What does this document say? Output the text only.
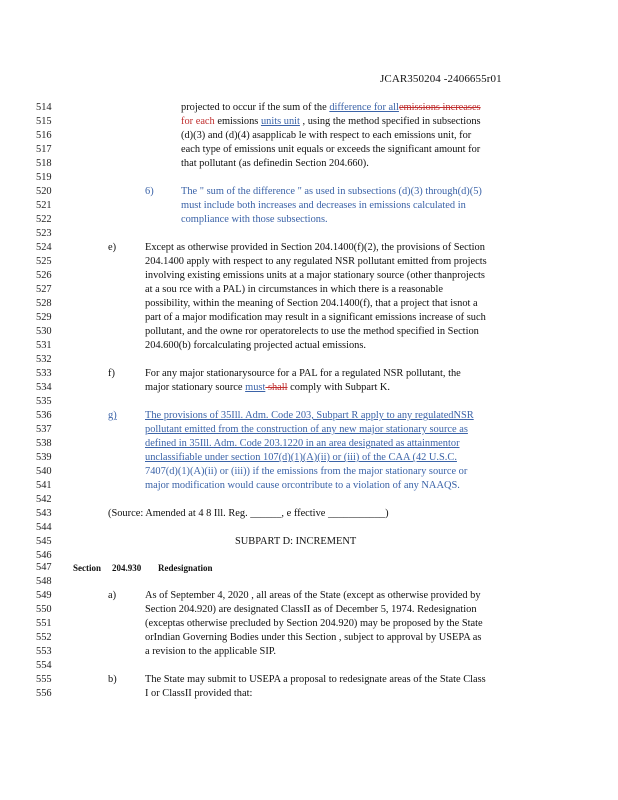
JCAR350204 -2406655r01
514	projected to occur if the sum of the difference for allemissions increases
515	for each emissions units unit , using the method specified in subsections
516	(d)(3) and (d)(4) asapplicab le with respect to each emissions unit, for
517	each type of emissions unit equals or exceeds the significant amount for
518	that pollutant (as definedin Section 204.660).
519
520	6)	The " sum of the difference " as used in subsections (d)(3) through(d)(5)
521	must include both increases and decreases in emissions calculated in
522	compliance with those subsections.
523
524	e)	Except as otherwise provided in Section 204.1400(f)(2), the provisions of Section
525	204.1400 apply with respect to any regulated NSR pollutant emitted from projects
526	involving existing emissions units at a major stationary source (other thanprojects
527	at a sou rce with a PAL) in circumstances in which there is a reasonable
528	possibility, within the meaning of Section 204.1400(f), that a project that isnot a
529	part of a major modification may result in a significant emissions increase of such
530	pollutant, and the owne ror operatorelects to use the method specified in Section
531	204.600(b) forcalculating projected actual emissions.
532
533	f)	For any major stationarysource for a PAL for a regulated NSR pollutant, the
534	major stationary source must shall comply with Subpart K.
535
536	g)	The provisions of 35Ill. Adm. Code 203, Subpart R apply to any regulatedNSR
537	pollutant emitted from the construction of any new major stationary source as
538	defined in 35Ill. Adm. Code 203.1220 in an area designated as attainmentor
539	unclassifiable under section 107(d)(1)(A)(ii) or (iii) of the CAA (42 U.S.C.
540	7407(d)(1)(A)(ii) or (iii)) if the emissions from the major stationary source or
541	major modification would cause orcontribute to a violation of any NAAQS.
542
543	(Source: Amended at 4 8 Ill. Reg. ______, e ffective ___________)
544
545	SUBPART D: INCREMENT
546
547	Section 204.930 Redesignation
548
549	a)	As of September 4, 2020 , all areas of the State (except as otherwise provided by
550	Section 204.920) are designated ClassII as of December 5, 1974. Redesignation
551	(exceptas otherwise precluded by Section 204.920) may be proposed by the State
552	orIndian Governing Bodies under this Section , subject to approval by USEPA as
553	a revision to the applicable SIP.
554
555	b)	The State may submit to USEPA a proposal to redesignate areas of the State Class
556	I or ClassII provided that:
